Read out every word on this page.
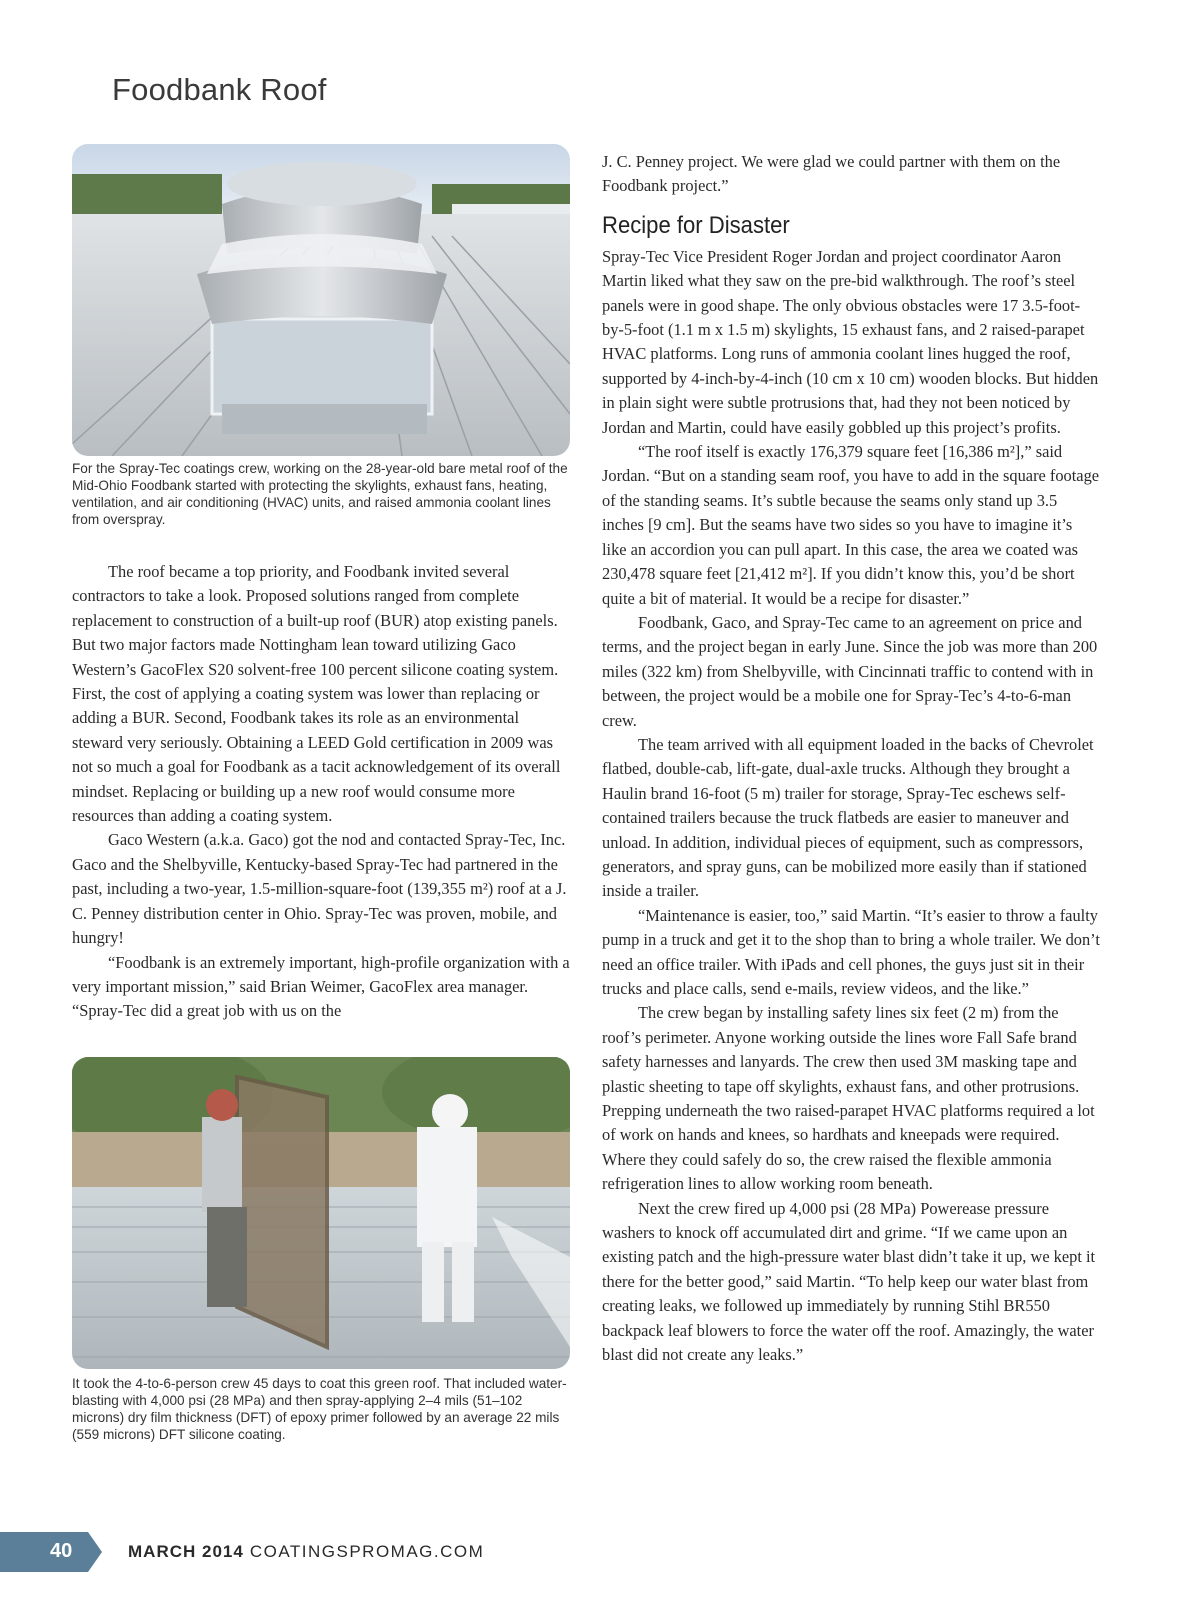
Foodbank Roof
For the Spray-Tec coatings crew, working on the 28-year-old bare metal roof of the Mid-Ohio Foodbank started with protecting the skylights, exhaust fans, heating, ventilation, and air conditioning (HVAC) units, and raised ammonia coolant lines from overspray.

The roof became a top priority, and Foodbank invited several contractors to take a look. Proposed solutions ranged from complete replacement to construction of a built-up roof (BUR) atop existing panels. But two major factors made Nottingham lean toward utilizing Gaco Western’s GacoFlex S20 solvent-free 100 percent silicone coating system. First, the cost of applying a coating system was lower than replacing or adding a BUR. Second, Foodbank takes its role as an environmental steward very seriously. Obtaining a LEED Gold certification in 2009 was not so much a goal for Foodbank as a tacit acknowledgement of its overall mindset. Replacing or building up a new roof would consume more resources than adding a coating system.

Gaco Western (a.k.a. Gaco) got the nod and contacted Spray-Tec, Inc. Gaco and the Shelbyville, Kentucky-based Spray-Tec had partnered in the past, including a two-year, 1.5-million-square-foot (139,355 m²) roof at a J. C. Penney distribution center in Ohio. Spray-Tec was proven, mobile, and hungry!

“Foodbank is an extremely important, high-profile organization with a very important mission,” said Brian Weimer, GacoFlex area manager. “Spray-Tec did a great job with us on the

It took the 4-to-6-person crew 45 days to coat this green roof. That included water-blasting with 4,000 psi (28 MPa) and then spray-applying 2–4 mils (51–102 microns) dry film thickness (DFT) of epoxy primer followed by an average 22 mils (559 microns) DFT silicone coating.

J. C. Penney project. We were glad we could partner with them on the Foodbank project.”

Recipe for Disaster

Spray-Tec Vice President Roger Jordan and project coordinator Aaron Martin liked what they saw on the pre-bid walkthrough. The roof’s steel panels were in good shape. The only obvious obstacles were 17 3.5-foot-by-5-foot (1.1 m x 1.5 m) skylights, 15 exhaust fans, and 2 raised-parapet HVAC platforms. Long runs of ammonia coolant lines hugged the roof, supported by 4-inch-by-4-inch (10 cm x 10 cm) wooden blocks. But hidden in plain sight were subtle protrusions that, had they not been noticed by Jordan and Martin, could have easily gobbled up this project’s profits.

“The roof itself is exactly 176,379 square feet [16,386 m²],” said Jordan. “But on a standing seam roof, you have to add in the square footage of the standing seams. It’s subtle because the seams only stand up 3.5 inches [9 cm]. But the seams have two sides so you have to imagine it’s like an accordion you can pull apart. In this case, the area we coated was 230,478 square feet [21,412 m²]. If you didn’t know this, you’d be short quite a bit of material. It would be a recipe for disaster.”

Foodbank, Gaco, and Spray-Tec came to an agreement on price and terms, and the project began in early June. Since the job was more than 200 miles (322 km) from Shelbyville, with Cincinnati traffic to contend with in between, the project would be a mobile one for Spray-Tec’s 4-to-6-man crew.

The team arrived with all equipment loaded in the backs of Chevrolet flatbed, double-cab, lift-gate, dual-axle trucks. Although they brought a Haulin brand 16-foot (5 m) trailer for storage, Spray-Tec eschews self-contained trailers because the truck flatbeds are easier to maneuver and unload. In addition, individual pieces of equipment, such as compressors, generators, and spray guns, can be mobilized more easily than if stationed inside a trailer.

“Maintenance is easier, too,” said Martin. “It’s easier to throw a faulty pump in a truck and get it to the shop than to bring a whole trailer. We don’t need an office trailer. With iPads and cell phones, the guys just sit in their trucks and place calls, send e-mails, review videos, and the like.”

The crew began by installing safety lines six feet (2 m) from the roof’s perimeter. Anyone working outside the lines wore Fall Safe brand safety harnesses and lanyards. The crew then used 3M masking tape and plastic sheeting to tape off skylights, exhaust fans, and other protrusions. Prepping underneath the two raised-parapet HVAC platforms required a lot of work on hands and knees, so hardhats and kneepads were required. Where they could safely do so, the crew raised the flexible ammonia refrigeration lines to allow working room beneath.

Next the crew fired up 4,000 psi (28 MPa) Powerease pressure washers to knock off accumulated dirt and grime. “If we came upon an existing patch and the high-pressure water blast didn’t take it up, we kept it there for the better good,” said Martin. “To help keep our water blast from creating leaks, we followed up immediately by running Stihl BR550 backpack leaf blowers to force the water off the roof. Amazingly, the water blast did not create any leaks.”

40	MARCH 2014 COATINGSPROMAG.COM
